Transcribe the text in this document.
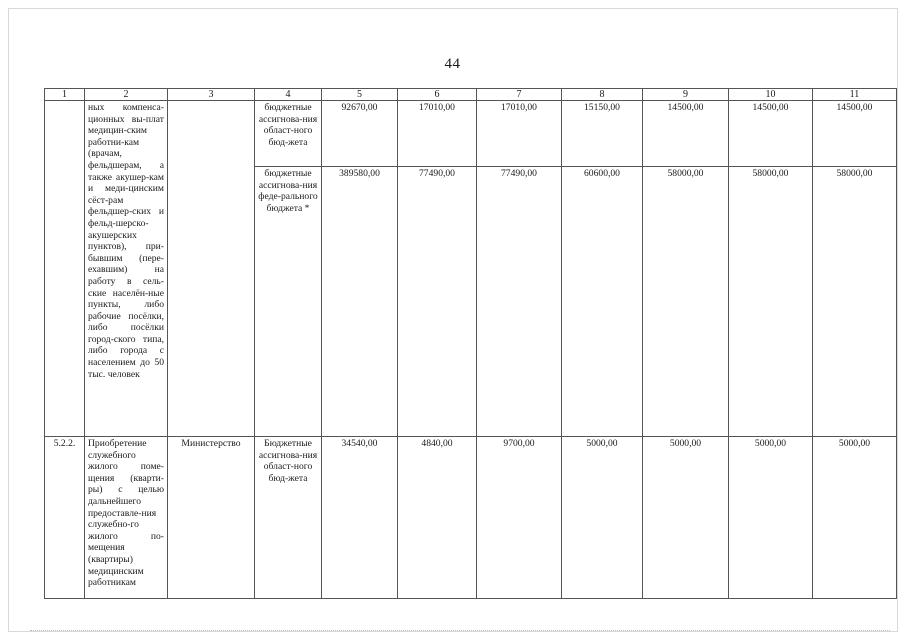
44
1	2	3	4	5	6	7	8	9	10	11
	ных компенса-ционных вы-плат медицин-ским работни-кам (врачам, фельдшерам, а также акушер-кам и меди-цинским сёст-рам фельдшер-ских и фельд-шерско-акушерских пунктов), при-бывшим (пере-ехавшим) на работу в сель-ские населён-ные пункты, либо рабочие посёлки, либо посёлки город-ского типа, либо города с населением до 50 тыс. человек		бюджетные ассигнова-ния област-ного бюд-жета	92670,00	17010,00	17010,00	15150,00	14500,00	14500,00	14500,00
			бюджетные ассигнова-ния феде-рального бюджета *	389580,00	77490,00	77490,00	60600,00	58000,00	58000,00	58000,00
5.2.2.	Приобретение служебного жилого поме-щения (кварти-ры) с целью дальнейшего предоставле-ния служебно-го жилого по-мещения (квартиры) медицинским работникам	Министерство	Бюджетные ассигнова-ния област-ного бюд-жета	34540,00	4840,00	9700,00	5000,00	5000,00	5000,00	5000,00
